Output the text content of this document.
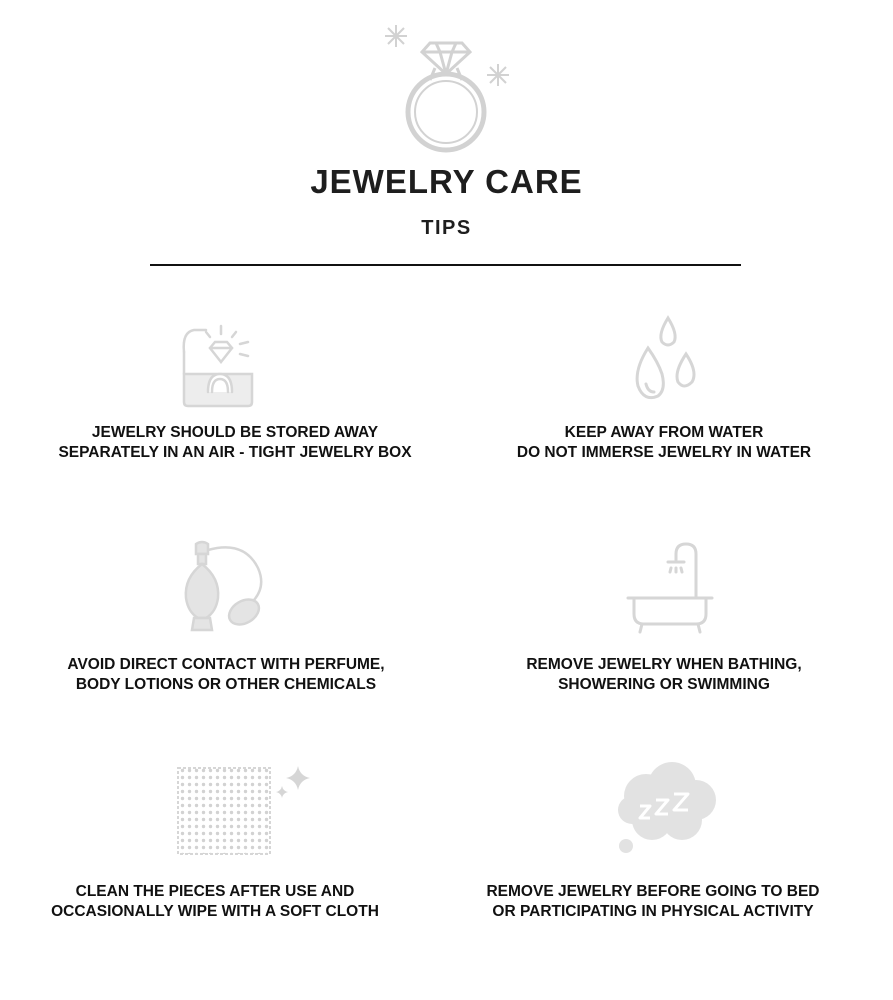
JEWELRY CARE
TIPS
JEWELRY SHOULD BE STORED AWAY
SEPARATELY IN AN AIR - TIGHT JEWELRY BOX
KEEP AWAY FROM WATER
DO NOT IMMERSE JEWELRY IN WATER
AVOID DIRECT CONTACT WITH PERFUME,
BODY LOTIONS OR OTHER CHEMICALS
REMOVE JEWELRY WHEN BATHING,
SHOWERING OR SWIMMING
CLEAN THE PIECES AFTER USE AND
OCCASIONALLY WIPE WITH A SOFT CLOTH
REMOVE JEWELRY BEFORE GOING TO BED
OR PARTICIPATING IN PHYSICAL ACTIVITY
